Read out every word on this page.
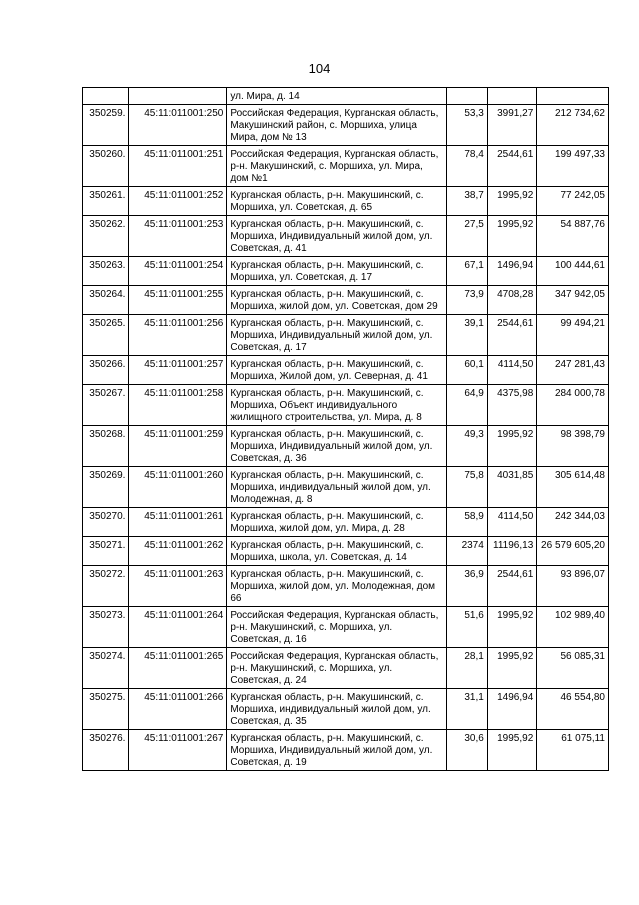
104
		ул. Мира, д. 14			
350259.	45:11:011001:250	Российская Федерация, Курганская область, Макушинский район, с. Моршиха, улица Мира, дом № 13	53,3	3991,27	212 734,62
350260.	45:11:011001:251	Российская Федерация, Курганская область, р-н. Макушинский, с. Моршиха, ул. Мира, дом №1	78,4	2544,61	199 497,33
350261.	45:11:011001:252	Курганская область, р-н. Макушинский, с. Моршиха, ул. Советская, д. 65	38,7	1995,92	77 242,05
350262.	45:11:011001:253	Курганская область, р-н. Макушинский, с. Моршиха, Индивидуальный жилой дом, ул. Советская, д. 41	27,5	1995,92	54 887,76
350263.	45:11:011001:254	Курганская область, р-н. Макушинский, с. Моршиха, ул. Советская, д. 17	67,1	1496,94	100 444,61
350264.	45:11:011001:255	Курганская область, р-н. Макушинский, с. Моршиха, жилой дом, ул. Советская, дом 29	73,9	4708,28	347 942,05
350265.	45:11:011001:256	Курганская область, р-н. Макушинский, с. Моршиха, Индивидуальный жилой дом, ул. Советская, д. 17	39,1	2544,61	99 494,21
350266.	45:11:011001:257	Курганская область, р-н. Макушинский, с. Моршиха, Жилой дом, ул. Северная, д. 41	60,1	4114,50	247 281,43
350267.	45:11:011001:258	Курганская область, р-н. Макушинский, с. Моршиха, Объект индивидуального жилищного строительства, ул. Мира, д. 8	64,9	4375,98	284 000,78
350268.	45:11:011001:259	Курганская область, р-н. Макушинский, с. Моршиха, Индивидуальный жилой дом, ул. Советская, д. 36	49,3	1995,92	98 398,79
350269.	45:11:011001:260	Курганская область, р-н. Макушинский, с. Моршиха, индивидуальный жилой дом, ул. Молодежная, д. 8	75,8	4031,85	305 614,48
350270.	45:11:011001:261	Курганская область, р-н. Макушинский, с. Моршиха, жилой дом, ул. Мира, д. 28	58,9	4114,50	242 344,03
350271.	45:11:011001:262	Курганская область, р-н. Макушинский, с. Моршиха, школа, ул. Советская, д. 14	2374	11196,13	26 579 605,20
350272.	45:11:011001:263	Курганская область, р-н. Макушинский, с. Моршиха, жилой дом, ул. Молодежная, дом 66	36,9	2544,61	93 896,07
350273.	45:11:011001:264	Российская Федерация, Курганская область, р-н. Макушинский, с. Моршиха, ул. Советская, д. 16	51,6	1995,92	102 989,40
350274.	45:11:011001:265	Российская Федерация, Курганская область, р-н. Макушинский, с. Моршиха, ул. Советская, д. 24	28,1	1995,92	56 085,31
350275.	45:11:011001:266	Курганская область, р-н. Макушинский, с. Моршиха, индивидуальный жилой дом, ул. Советская, д. 35	31,1	1496,94	46 554,80
350276.	45:11:011001:267	Курганская область, р-н. Макушинский, с. Моршиха, Индивидуальный жилой дом, ул. Советская, д. 19	30,6	1995,92	61 075,11
